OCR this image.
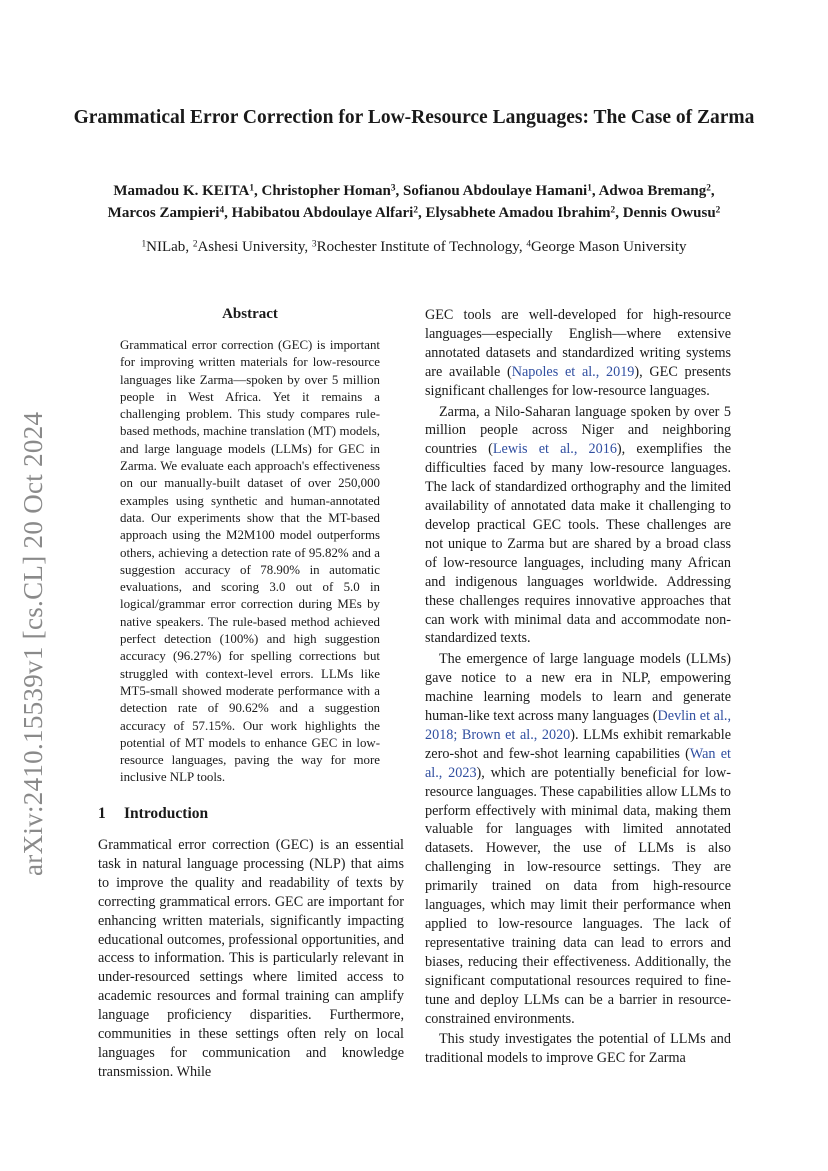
Grammatical Error Correction for Low-Resource Languages: The Case of Zarma
Mamadou K. KEITA$^1$, Christopher Homan$^3$, Sofianou Abdoulaye Hamani$^1$, Adwoa Bremang$^2$,
Marcos Zampieri$^4$, Habibatou Abdoulaye Alfari$^2$, Elysabhete Amadou Ibrahim$^2$, Dennis Owusu$^2$
$^1$NILab, $^2$Ashesi University, $^3$Rochester Institute of Technology, $^4$George Mason University
arXiv:2410.15539v1 [cs.CL] 20 Oct 2024
Abstract
Grammatical error correction (GEC) is important for improving written materials for low-resource languages like Zarma—spoken by over 5 million people in West Africa. Yet it remains a challenging problem. This study compares rule-based methods, machine translation (MT) models, and large language models (LLMs) for GEC in Zarma. We evaluate each approach's effectiveness on our manually-built dataset of over 250,000 examples using synthetic and human-annotated data. Our experiments show that the MT-based approach using the M2M100 model outperforms others, achieving a detection rate of 95.82% and a suggestion accuracy of 78.90% in automatic evaluations, and scoring 3.0 out of 5.0 in logical/grammar error correction during MEs by native speakers. The rule-based method achieved perfect detection (100%) and high suggestion accuracy (96.27%) for spelling corrections but struggled with context-level errors. LLMs like MT5-small showed moderate performance with a detection rate of 90.62% and a suggestion accuracy of 57.15%. Our work highlights the potential of MT models to enhance GEC in low-resource languages, paving the way for more inclusive NLP tools.
1 Introduction
Grammatical error correction (GEC) is an essential task in natural language processing (NLP) that aims to improve the quality and readability of texts by correcting grammatical errors. GEC are important for enhancing written materials, significantly impacting educational outcomes, professional opportunities, and access to information. This is particularly relevant in under-resourced settings where limited access to academic resources and formal training can amplify language proficiency disparities. Furthermore, communities in these settings often rely on local languages for communication and knowledge transmission. While

GEC tools are well-developed for high-resource languages—especially English—where extensive annotated datasets and standardized writing systems are available (Napoles et al., 2019), GEC presents significant challenges for low-resource languages.

Zarma, a Nilo-Saharan language spoken by over 5 million people across Niger and neighboring countries (Lewis et al., 2016), exemplifies the difficulties faced by many low-resource languages. The lack of standardized orthography and the limited availability of annotated data make it challenging to develop practical GEC tools. These challenges are not unique to Zarma but are shared by a broad class of low-resource languages, including many African and indigenous languages worldwide. Addressing these challenges requires innovative approaches that can work with minimal data and accommodate non-standardized texts.

The emergence of large language models (LLMs) gave notice to a new era in NLP, empowering machine learning models to learn and generate human-like text across many languages (Devlin et al., 2018; Brown et al., 2020). LLMs exhibit remarkable zero-shot and few-shot learning capabilities (Wan et al., 2023), which are potentially beneficial for low-resource languages. These capabilities allow LLMs to perform effectively with minimal data, making them valuable for languages with limited annotated datasets. However, the use of LLMs is also challenging in low-resource settings. They are primarily trained on data from high-resource languages, which may limit their performance when applied to low-resource languages. The lack of representative training data can lead to errors and biases, reducing their effectiveness. Additionally, the significant computational resources required to fine-tune and deploy LLMs can be a barrier in resource-constrained environments.

This study investigates the potential of LLMs and traditional models to improve GEC for Zarma
